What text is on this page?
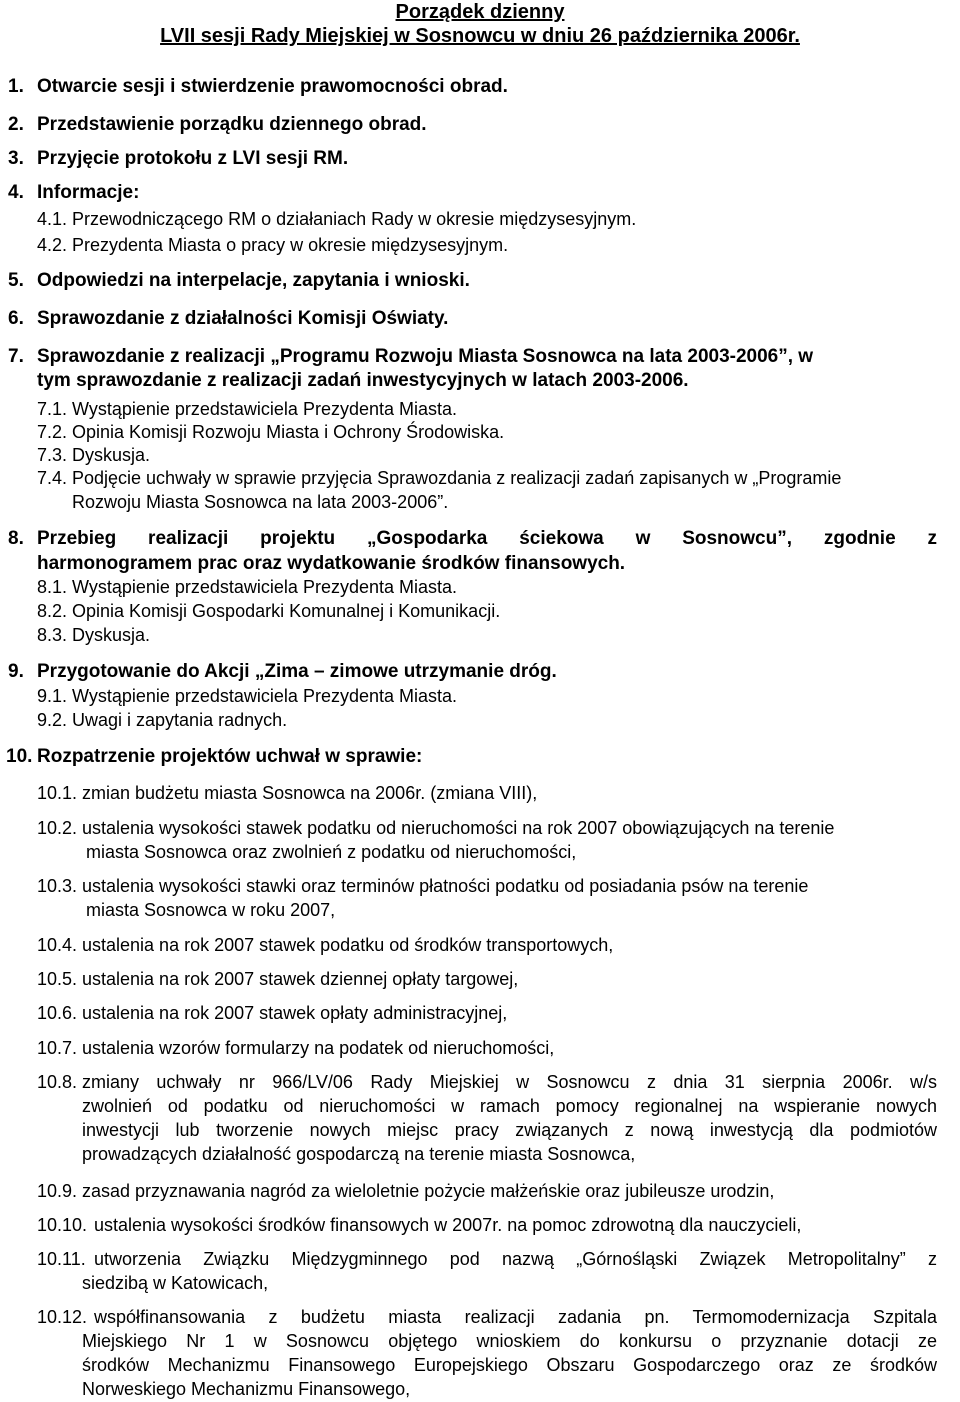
Porządek dzienny
LVII sesji Rady Miejskiej w Sosnowcu w dniu 26 października 2006r.
1. Otwarcie sesji i stwierdzenie prawomocności obrad.
2. Przedstawienie porządku dziennego obrad.
3. Przyjęcie protokołu z LVI sesji RM.
4. Informacje:
4.1. Przewodniczącego RM o działaniach Rady w okresie międzysesyjnym.
4.2. Prezydenta Miasta o pracy w okresie międzysesyjnym.
5. Odpowiedzi na interpelacje, zapytania i wnioski.
6. Sprawozdanie z działalności Komisji Oświaty.
7. Sprawozdanie z realizacji „Programu Rozwoju Miasta Sosnowca na lata 2003-2006”, w
tym sprawozdanie z realizacji zadań inwestycyjnych w latach 2003-2006.
7.1. Wystąpienie przedstawiciela Prezydenta Miasta.
7.2. Opinia Komisji Rozwoju Miasta i Ochrony Środowiska.
7.3. Dyskusja.
7.4. Podjęcie uchwały w sprawie przyjęcia Sprawozdania z realizacji zadań zapisanych w „Programie
Rozwoju Miasta Sosnowca na lata 2003-2006”.
8. Przebieg realizacji projektu „Gospodarka ściekowa w Sosnowcu”, zgodnie z
harmonogramem prac oraz wydatkowanie środków finansowych.
8.1. Wystąpienie przedstawiciela Prezydenta Miasta.
8.2. Opinia Komisji Gospodarki Komunalnej i Komunikacji.
8.3. Dyskusja.
9. Przygotowanie do Akcji „Zima – zimowe utrzymanie dróg.
9.1. Wystąpienie przedstawiciela Prezydenta Miasta.
9.2. Uwagi i zapytania radnych.
10. Rozpatrzenie projektów uchwał w sprawie:
10.1. zmian budżetu miasta Sosnowca na 2006r. (zmiana VIII),
10.2. ustalenia wysokości stawek podatku od nieruchomości na rok 2007 obowiązujących na terenie
miasta Sosnowca oraz zwolnień z podatku od nieruchomości,
10.3. ustalenia wysokości stawki oraz terminów płatności podatku od posiadania psów na terenie
miasta Sosnowca w roku 2007,
10.4. ustalenia na rok 2007 stawek podatku od środków transportowych,
10.5. ustalenia na rok 2007 stawek dziennej opłaty targowej,
10.6. ustalenia na rok 2007 stawek opłaty administracyjnej,
10.7. ustalenia wzorów formularzy na podatek od nieruchomości,
10.8. zmiany uchwały nr 966/LV/06 Rady Miejskiej w Sosnowcu z dnia 31 sierpnia 2006r. w/s
zwolnień od podatku od nieruchomości w ramach pomocy regionalnej na wspieranie nowych
inwestycji lub tworzenie nowych miejsc pracy związanych z nową inwestycją dla podmiotów
prowadzących działalność gospodarczą na terenie miasta Sosnowca,
10.9. zasad przyznawania nagród za wieloletnie pożycie małżeńskie oraz jubileusze urodzin,
10.10. ustalenia wysokości środków finansowych w 2007r. na pomoc zdrowotną dla nauczycieli,
10.11. utworzenia Związku Międzygminnego pod nazwą „Górnośląski Związek Metropolitalny” z
siedzibą w Katowicach,
10.12. współfinansowania z budżetu miasta realizacji zadania pn. Termomodernizacja Szpitala
Miejskiego Nr 1 w Sosnowcu objętego wnioskiem do konkursu o przyznanie dotacji ze
środków Mechanizmu Finansowego Europejskiego Obszaru Gospodarczego oraz ze środków
Norweskiego Mechanizmu Finansowego,
